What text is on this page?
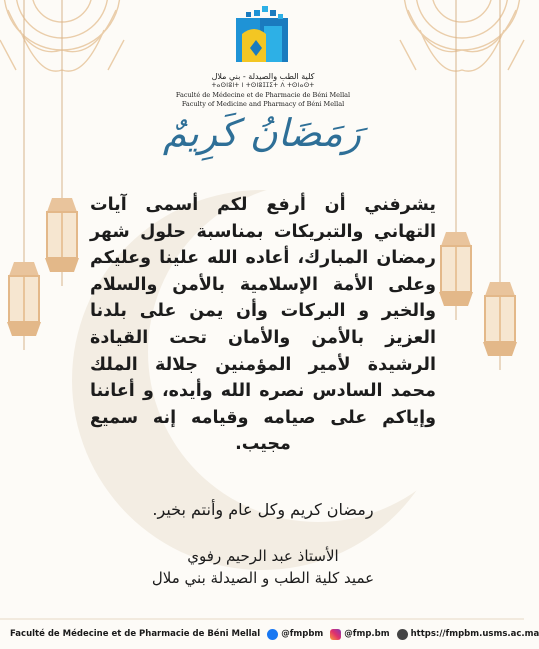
كلية الطب والصيدلة - بني ملال
ⵜⴰⵙⵏⵓⵏⵜ ⵏ ⵜⵙⵏⵓⵊⵊⵉⵜ ⴷ ⵜⵙⵏⴰⵙⵜ
Faculté de Médecine et de Pharmacie de Béni Mellal
Faculty of Medicine and Pharmacy of Béni Mellal
رَمَضَانُ كَرِيمٌ
يشرفني أن أرفع لكم أسمى آيات التهاني والتبريكات بمناسبة حلول شهر رمضان المبارك، أعاده الله علينا وعليكم وعلى الأمة الإسلامية بالأمن والسلام والخير و البركات وأن يمن على بلدنا العزيز بالأمن والأمان تحت القيادة الرشيدة لأمير المؤمنين جلالة الملك محمد السادس نصره الله وأيده، و أعاننا وإياكم على صيامه وقيامه إنه سميع مجيب.
رمضان كريم وكل عام وأنتم بخير.
الأستاذ عبد الرحيم رفوي
عميد كلية الطب و الصيدلة بني ملال
Faculté de Médecine et de Pharmacie de Béni Mellal @fmpbm @fmp.bm https://fmpbm.usms.ac.ma
